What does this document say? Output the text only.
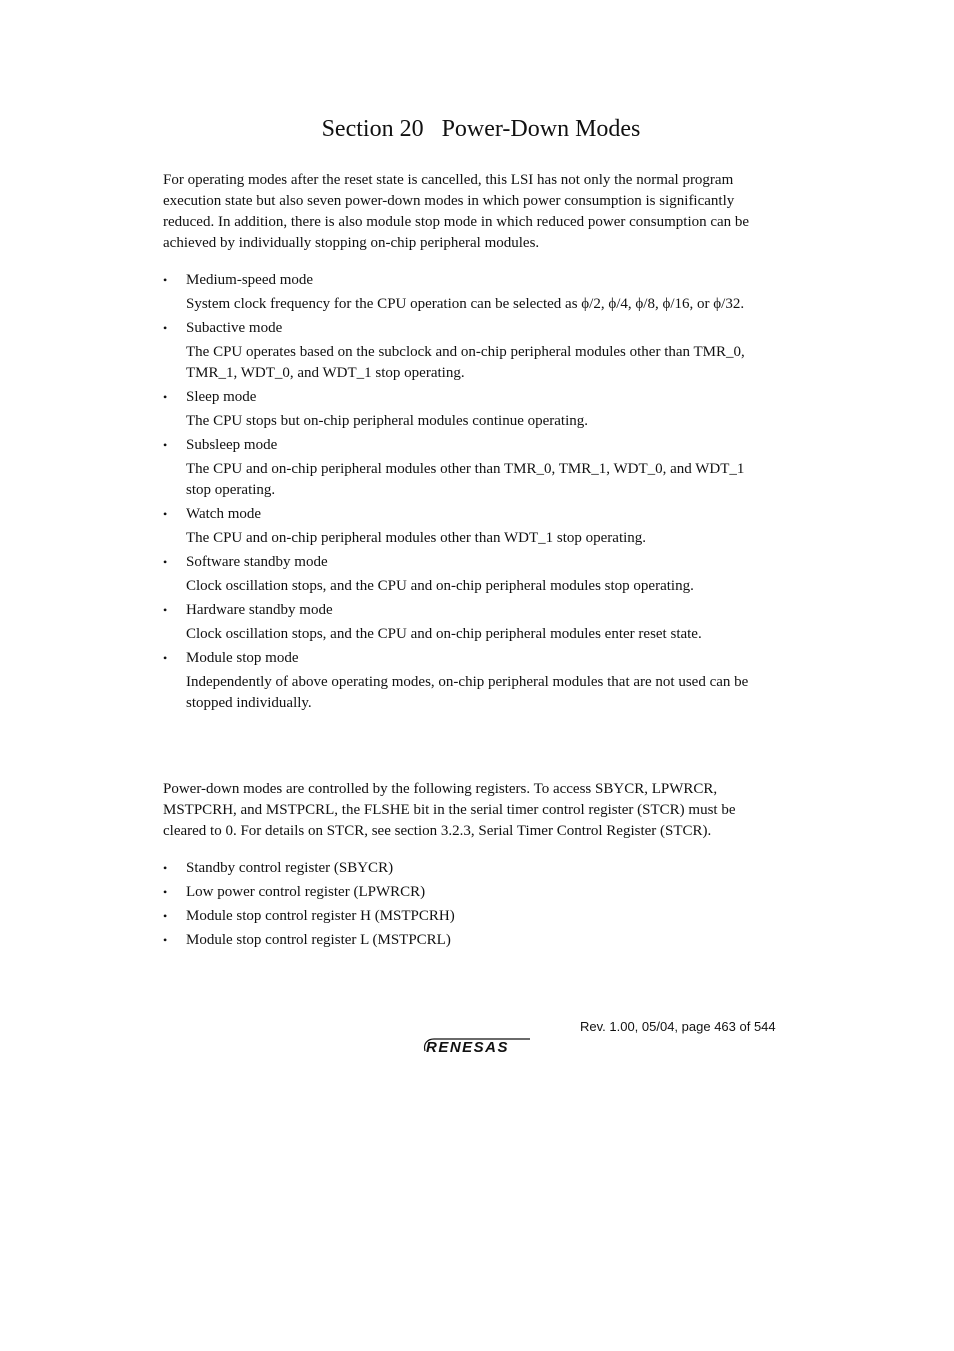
Section 20   Power-Down Modes

For operating modes after the reset state is cancelled, this LSI has not only the normal program
execution state but also seven power-down modes in which power consumption is significantly
reduced. In addition, there is also module stop mode in which reduced power consumption can be
achieved by individually stopping on-chip peripheral modules.

•	Medium-speed mode
System clock frequency for the CPU operation can be selected as ϕ/2, ϕ/4, ϕ/8, ϕ/16, or ϕ/32.
•	Subactive mode
The CPU operates based on the subclock and on-chip peripheral modules other than TMR_0,
TMR_1, WDT_0, and WDT_1 stop operating.
•	Sleep mode
The CPU stops but on-chip peripheral modules continue operating.
•	Subsleep mode
The CPU and on-chip peripheral modules other than TMR_0, TMR_1, WDT_0, and WDT_1
stop operating.
•	Watch mode
The CPU and on-chip peripheral modules other than WDT_1 stop operating.
•	Software standby mode
Clock oscillation stops, and the CPU and on-chip peripheral modules stop operating.
•	Hardware standby mode
Clock oscillation stops, and the CPU and on-chip peripheral modules enter reset state.
•	Module stop mode
Independently of above operating modes, on-chip peripheral modules that are not used can be
stopped individually.

Power-down modes are controlled by the following registers. To access SBYCR, LPWRCR,
MSTPCRH, and MSTPCRL, the FLSHE bit in the serial timer control register (STCR) must be
cleared to 0. For details on STCR, see section 3.2.3, Serial Timer Control Register (STCR).

•	Standby control register (SBYCR)
•	Low power control register (LPWRCR)
•	Module stop control register H (MSTPCRH)
•	Module stop control register L (MSTPCRL)
Rev. 1.00, 05/04, page 463 of 544
RENESAS
